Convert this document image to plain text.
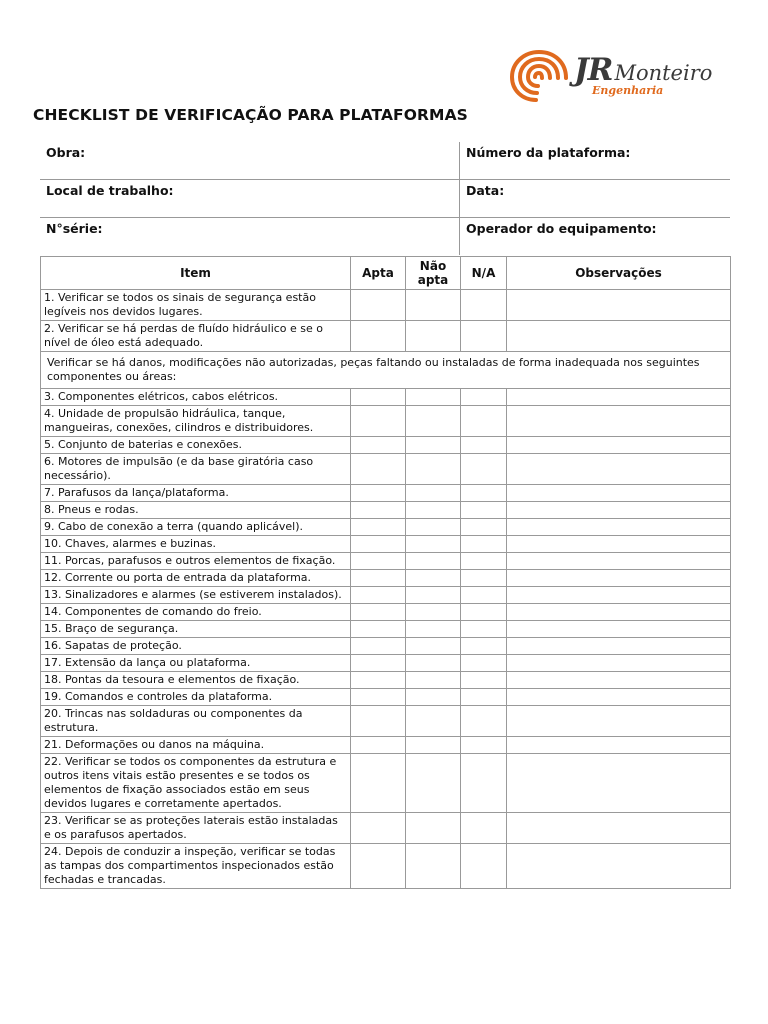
JRMonteiro
Engenharia
CHECKLIST DE VERIFICAÇÃO PARA PLATAFORMAS
Obra:	Número da plataforma:
Local de trabalho:	Data:
N°série:	Operador do equipamento:
Item	Apta	Não apta	N/A	Observações
1. Verificar se todos os sinais de segurança estão legíveis nos devidos lugares.				
2. Verificar se há perdas de fluído hidráulico e se o nível de óleo está adequado.				
Verificar se há danos, modificações não autorizadas, peças faltando ou instaladas de forma inadequada nos seguintes componentes ou áreas:				
3. Componentes elétricos, cabos elétricos.				
4. Unidade de propulsão hidráulica, tanque, mangueiras, conexões, cilindros e distribuidores.				
5. Conjunto de baterias e conexões.				
6. Motores de impulsão (e da base giratória caso necessário).				
7. Parafusos da lança/plataforma.				
8. Pneus e rodas.				
9. Cabo de conexão a terra (quando aplicável).				
10. Chaves, alarmes e buzinas.				
11. Porcas, parafusos e outros elementos de fixação.				
12. Corrente ou porta de entrada da plataforma.				
13. Sinalizadores e alarmes (se estiverem instalados).				
14. Componentes de comando do freio.				
15. Braço de segurança.				
16. Sapatas de proteção.				
17. Extensão da lança ou plataforma.				
18. Pontas da tesoura e elementos de fixação.				
19. Comandos e controles da plataforma.				
20. Trincas nas soldaduras ou componentes da estrutura.				
21. Deformações ou danos na máquina.				
22. Verificar se todos os componentes da estrutura e outros itens vitais estão presentes e se todos os elementos de fixação associados estão em seus devidos lugares e corretamente apertados.				
23. Verificar se as proteções laterais estão instaladas e os parafusos apertados.				
24. Depois de conduzir a inspeção, verificar se todas as tampas dos compartimentos inspecionados estão fechadas e trancadas.				
